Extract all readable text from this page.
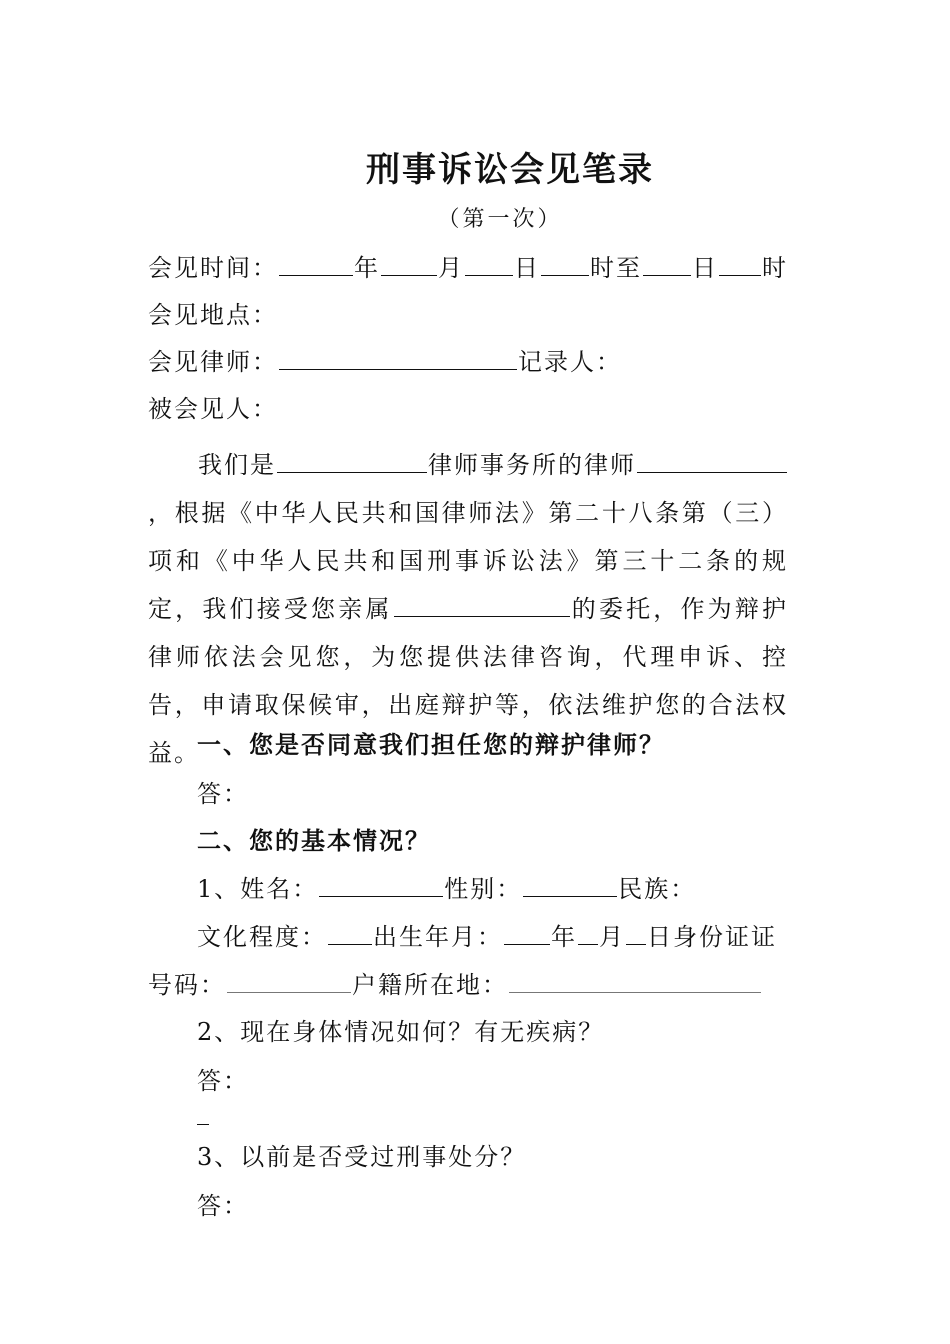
刑事诉讼会见笔录
（第一次）
会见时间：	年 月 日 时至 日 时
会见地点：
会见律师：	记录人：
被会见人：
我们是	律师事务所的律师，根据《中华人民共和国律师法》第二十八条第（三）项和《中华人民共和国刑事诉讼法》第三十二条的规定，我们接受您亲属	的委托，作为辩护律师依法会见您，为您提供法律咨询，代理申诉、控告，申请取保候审，出庭辩护等，依法维护您的合法权益。
一、您是否同意我们担任您的辩护律师？
答：
二、您的基本情况？
1、姓名：	性别：	民族：
文化程度： 出生年月： 年 月 日身份证证
号码：	户籍所在地：
2、现在身体情况如何？有无疾病？
答：
3、以前是否受过刑事处分？
答：
